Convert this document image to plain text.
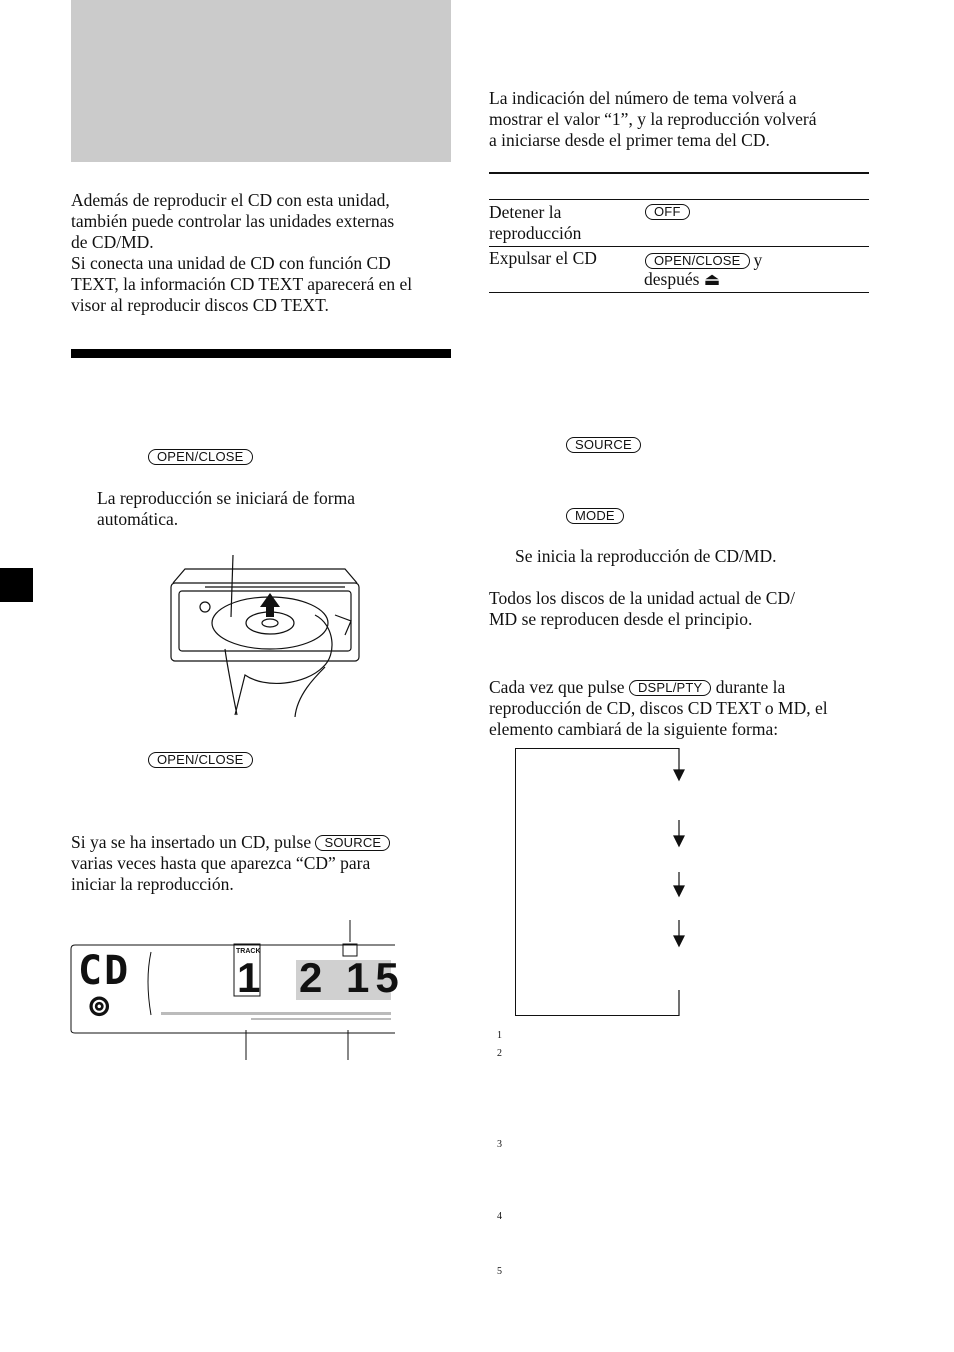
Además de reproducir el CD con esta unidad,

también puede controlar las unidades externas

de CD/MD.

Si conecta una unidad de CD con función CD

TEXT, la información CD TEXT aparecerá en el

visor al reproducir discos CD TEXT.

OPEN/CLOSE

La reproducción se iniciará de forma

automática.

OPEN/CLOSE

Si ya se ha insertado un CD, pulse SOURCE

varias veces hasta que aparezca “CD” para

iniciar la reproducción.

CD
⊚
TRACK
1 2 15

La indicación del número de tema volverá a

mostrar el valor “1”, y la reproducción volverá

a iniciarse desde el primer tema del CD.

Detener la

reproducción

OFF

Expulsar el CD	OPEN/CLOSE y
después ⏏
SOURCE
MODE

Se inicia la reproducción de CD/MD.

Todos los discos de la unidad actual de CD/

MD se reproducen desde el principio.

Cada vez que pulse DSPL/PTY durante la

reproducción de CD, discos CD TEXT o MD, el

elemento cambiará de la siguiente forma:

1
2
3
4
5
